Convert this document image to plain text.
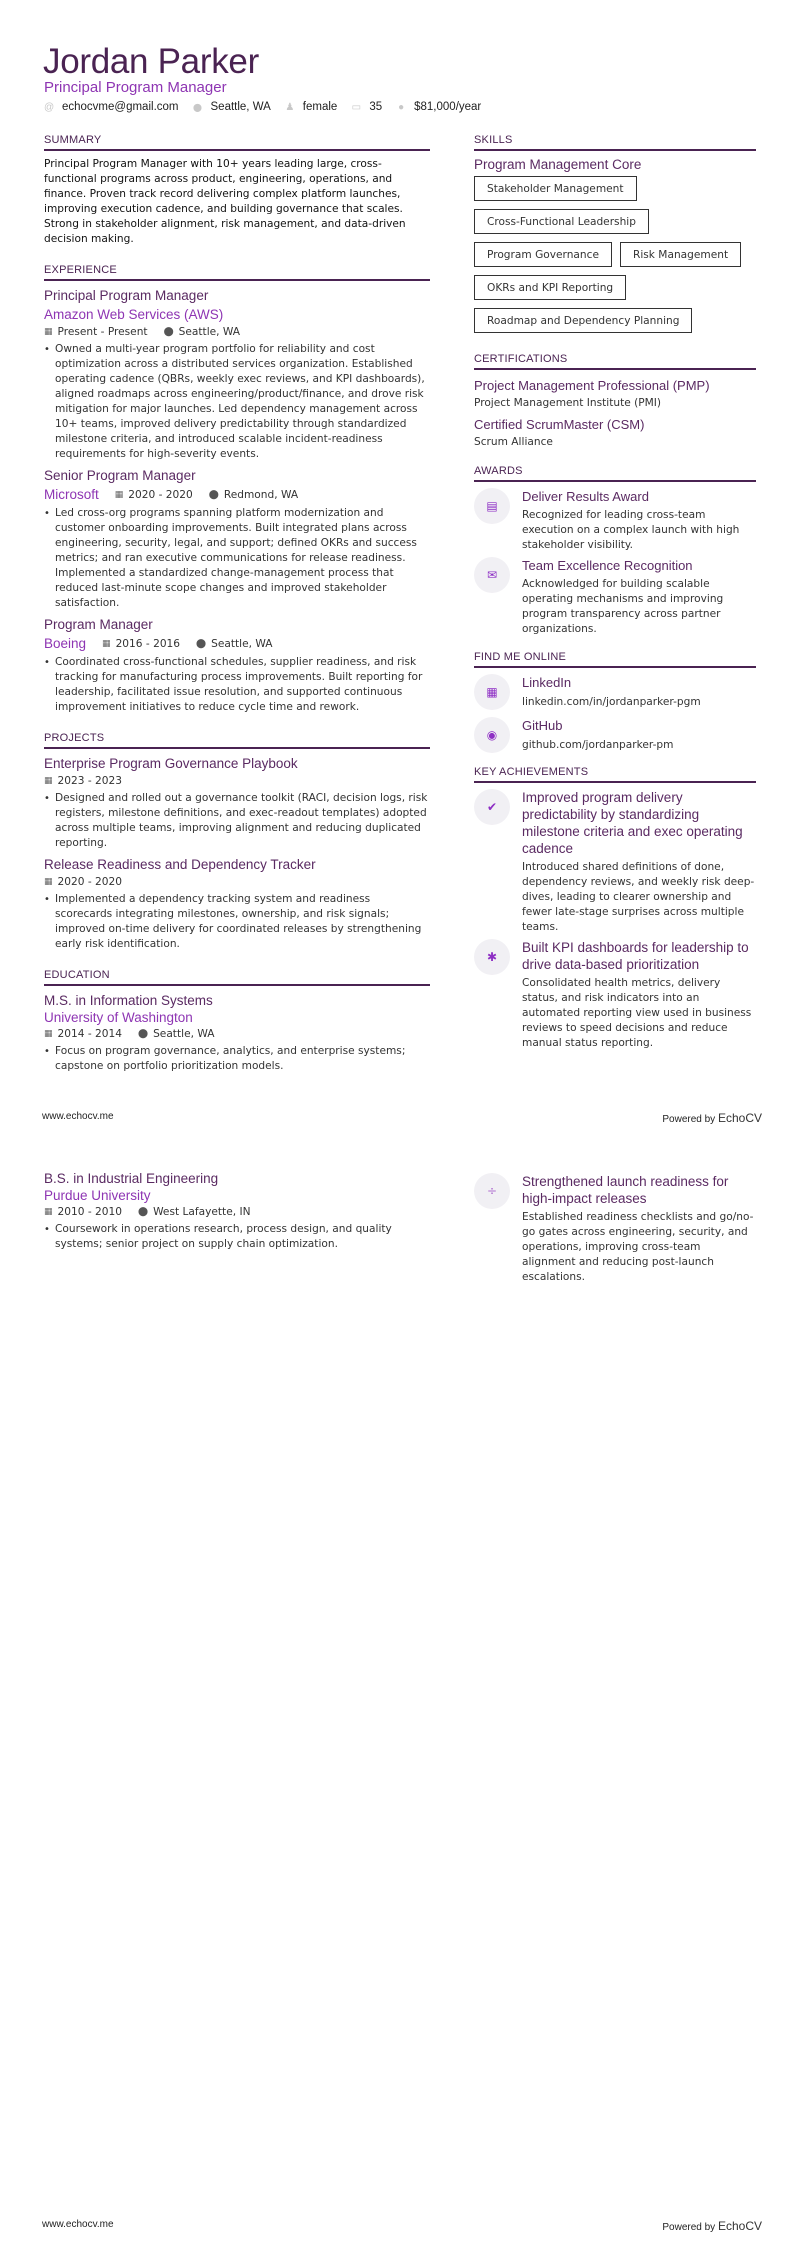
Jordan Parker
Principal Program Manager
@ echocvme@gmail.com ⬤ Seattle, WA ♟ female ▭ 35 ● $81,000/year
SUMMARY

Principal Program Manager with 10+ years leading large, cross-functional programs across product, engineering, operations, and finance. Proven track record delivering complex platform launches, improving execution cadence, and building governance that scales. Strong in stakeholder alignment, risk management, and data-driven decision making.

EXPERIENCE
Principal Program Manager
Amazon Web Services (AWS)
▦ Present - Present ⬤ Seattle, WA
• Owned a multi-year program portfolio for reliability and cost optimization across a distributed services organization. Established operating cadence (QBRs, weekly exec reviews, and KPI dashboards), aligned roadmaps across engineering/product/finance, and drove risk mitigation for major launches. Led dependency management across 10+ teams, improved delivery predictability through standardized milestone criteria, and introduced scalable incident-readiness requirements for high-severity events.
Senior Program Manager
Microsoft ▦ 2020 - 2020 ⬤ Redmond, WA
• Led cross-org programs spanning platform modernization and customer onboarding improvements. Built integrated plans across engineering, security, legal, and support; defined OKRs and success metrics; and ran executive communications for release readiness. Implemented a standardized change-management process that reduced last-minute scope changes and improved stakeholder satisfaction.
Program Manager
Boeing ▦ 2016 - 2016 ⬤ Seattle, WA
• Coordinated cross-functional schedules, supplier readiness, and risk tracking for manufacturing process improvements. Built reporting for leadership, facilitated issue resolution, and supported continuous improvement initiatives to reduce cycle time and rework.
PROJECTS
Enterprise Program Governance Playbook
▦ 2023 - 2023
• Designed and rolled out a governance toolkit (RACI, decision logs, risk registers, milestone definitions, and exec-readout templates) adopted across multiple teams, improving alignment and reducing duplicated reporting.
Release Readiness and Dependency Tracker
▦ 2020 - 2020
• Implemented a dependency tracking system and readiness scorecards integrating milestones, ownership, and risk signals; improved on-time delivery for coordinated releases by strengthening early risk identification.
EDUCATION
M.S. in Information Systems
University of Washington
▦ 2014 - 2014 ⬤ Seattle, WA
• Focus on program governance, analytics, and enterprise systems; capstone on portfolio prioritization models.
SKILLS
Program Management Core
Stakeholder Management
Cross-Functional Leadership
Program Governance	Risk Management
OKRs and KPI Reporting
Roadmap and Dependency Planning
CERTIFICATIONS
Project Management Professional (PMP)
Project Management Institute (PMI)
Certified ScrumMaster (CSM)
Scrum Alliance
AWARDS
▤
Deliver Results Award
Recognized for leading cross-team execution on a complex launch with high stakeholder visibility.
✉
Team Excellence Recognition
Acknowledged for building scalable operating mechanisms and improving program transparency across partner organizations.
FIND ME ONLINE
▦
LinkedIn
linkedin.com/in/jordanparker-pgm
◉
GitHub
github.com/jordanparker-pm
KEY ACHIEVEMENTS
✔
Improved program delivery predictability by standardizing milestone criteria and exec operating cadence
Introduced shared definitions of done, dependency reviews, and weekly risk deep-dives, leading to clearer ownership and fewer late-stage surprises across multiple teams.
✱
Built KPI dashboards for leadership to drive data-based prioritization
Consolidated health metrics, delivery status, and risk indicators into an automated reporting view used in business reviews to speed decisions and reduce manual status reporting.
www.echocv.me	Powered by EchoCV
B.S. in Industrial Engineering
Purdue University
▦ 2010 - 2010 ⬤ West Lafayette, IN
• Coursework in operations research, process design, and quality systems; senior project on supply chain optimization.
÷
Strengthened launch readiness for high-impact releases
Established readiness checklists and go/no-go gates across engineering, security, and operations, improving cross-team alignment and reducing post-launch escalations.
www.echocv.me	Powered by EchoCV
